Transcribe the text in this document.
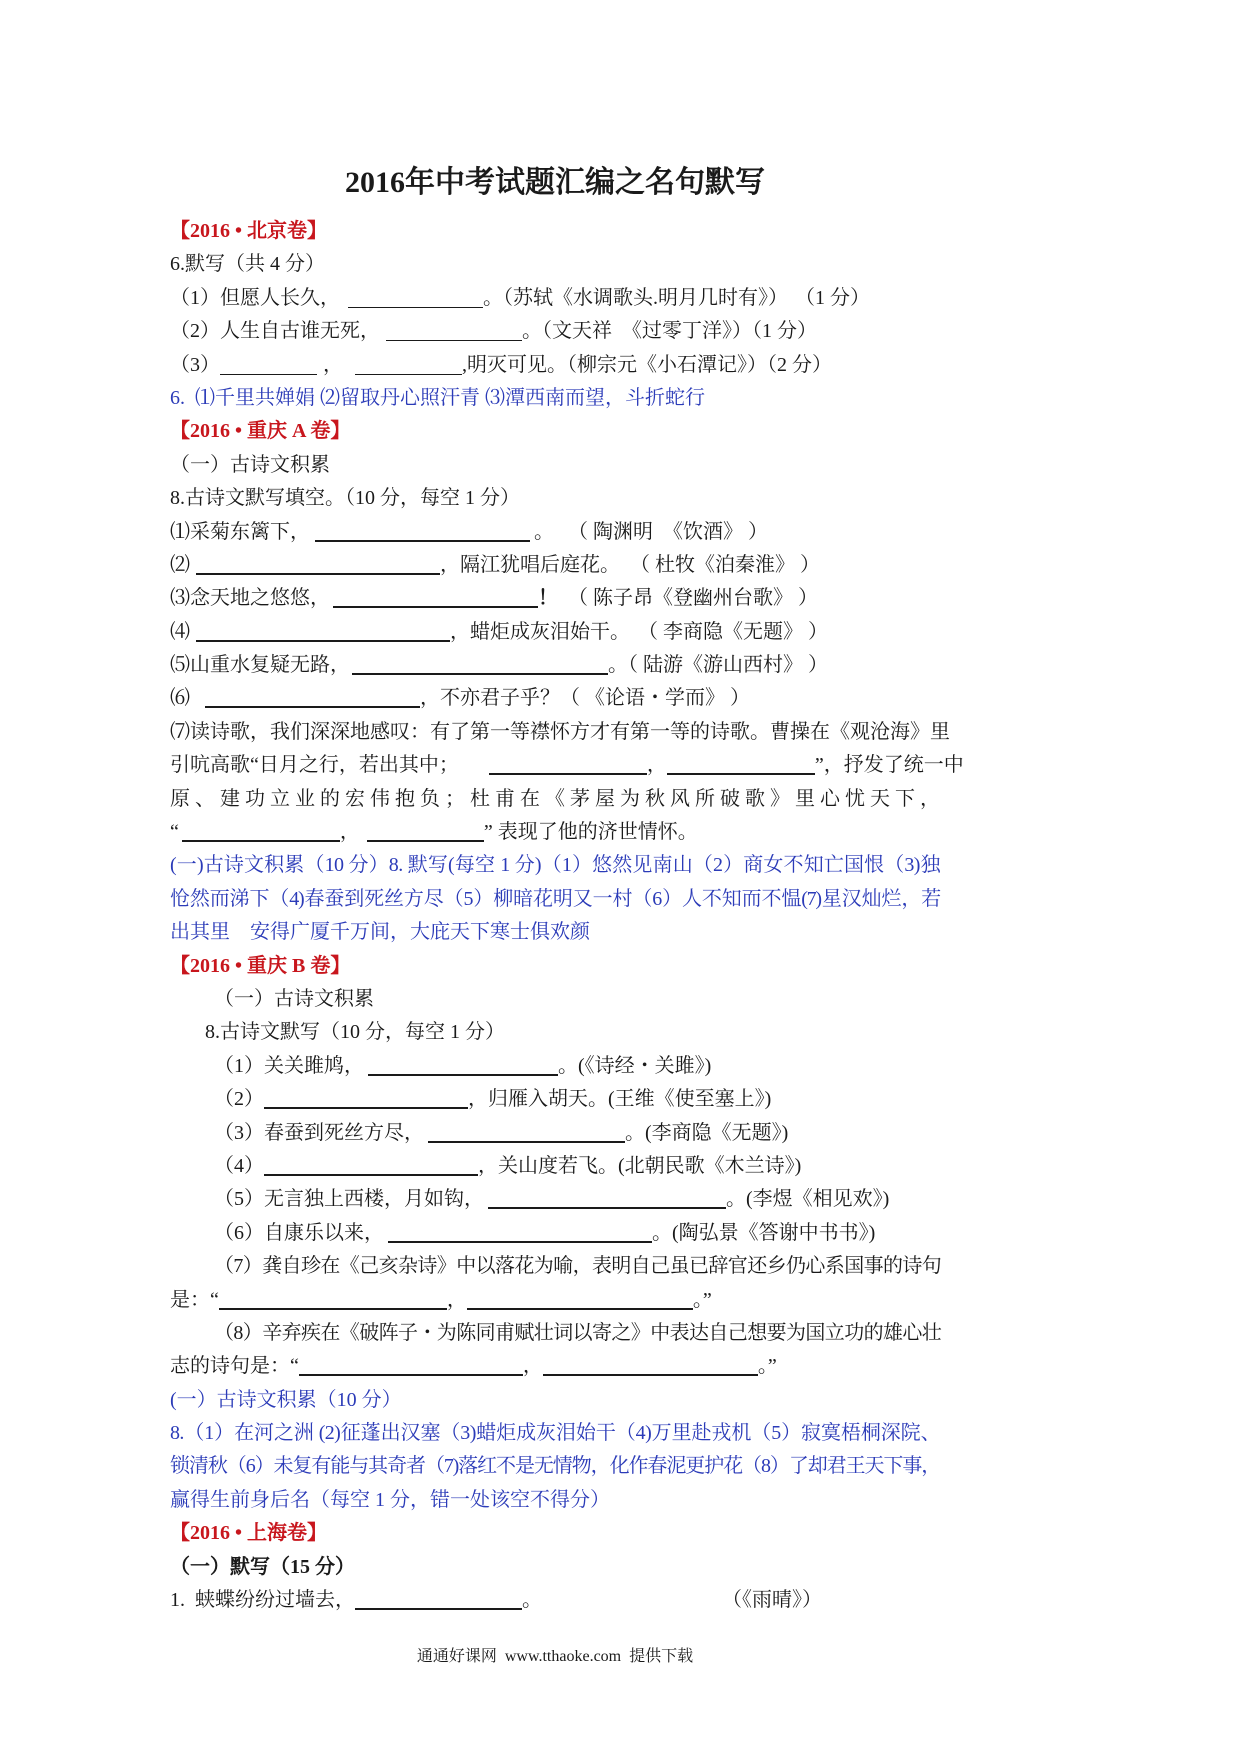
2016年中考试题汇编之名句默写
【2016 • 北京卷】
6.默写（共 4 分）
（1）但愿人长久，	。（苏轼《水调歌头.明月几时有》） （1 分）
（2）人生自古谁无死，	。（文天祥  《过零丁洋》）（1 分）
（3）	，	,明灭可见。（柳宗元《小石潭记》）（2 分）
6.  ⑴千里共婵娟 ⑵留取丹心照汗青 ⑶潭西南而望，斗折蛇行
【2016 • 重庆 A 卷】
（一）古诗文积累
8.古诗文默写填空。（10 分，每空 1 分）
⑴采菊东篱下，	。 （ 陶渊明  《饮酒》 ）
⑵	，隔江犹唱后庭花。 （ 杜牧《泊秦淮》 ）
⑶念天地之悠悠，	！ （ 陈子昂《登幽州台歌》 ）
⑷	，蜡炬成灰泪始干。 （ 李商隐《无题》 ）
⑸山重水复疑无路，	。（ 陆游《游山西村》 ）
⑹	，不亦君子乎？（ 《论语・学而》 ）
⑺读诗歌，我们深深地感叹：有了第一等襟怀方才有第一等的诗歌。曹操在《观沧海》里
引吭高歌“日月之行，若出其中；	，	”，抒发了统一中
原、建功立业的宏伟抱负；杜甫在《茅屋为秋风所破歌》里心忧天下，
“	，	” 表现了他的济世情怀。
(一)古诗文积累（10 分）8. 默写(每空 1 分)（1）悠然见南山（2）商女不知亡国恨（3)独
怆然而涕下（4)春蚕到死丝方尽（5）柳暗花明又一村（6）人不知而不愠(7)星汉灿烂，若
出其里    安得广厦千万间，大庇天下寒士俱欢颜
【2016 • 重庆 B 卷】
（一）古诗文积累
8.古诗文默写（10 分，每空 1 分）
（1）关关雎鸠，	。(《诗经・关雎》)
（2）	，归雁入胡天。(王维《使至塞上》)
（3）春蚕到死丝方尽，	。(李商隐《无题》)
（4）	，关山度若飞。(北朝民歌《木兰诗》)
（5）无言独上西楼，月如钩，	。(李煜《相见欢》)
（6）自康乐以来，	。(陶弘景《答谢中书书》)
（7）龚自珍在《己亥杂诗》中以落花为喻，表明自己虽已辞官还乡仍心系国事的诗句
是：“	，	。”
（8）辛弃疾在《破阵子・为陈同甫赋壮词以寄之》中表达自己想要为国立功的雄心壮
志的诗句是：“	，	。”
(一）古诗文积累（10 分）
8.（1）在河之洲 (2)征蓬出汉塞（3)蜡炬成灰泪始干（4)万里赴戎机（5）寂寞梧桐深院、
锁清秋（6）未复有能与其奇者（7)落红不是无情物，化作春泥更护花（8）了却君王天下事，
赢得生前身后名（每空 1 分，错一处该空不得分）
【2016 • 上海卷】
（一）默写（15 分）
1.  蛱蝶纷纷过墙去，	。	（《雨晴》）
通通好课网  www.tthaoke.com  提供下载
